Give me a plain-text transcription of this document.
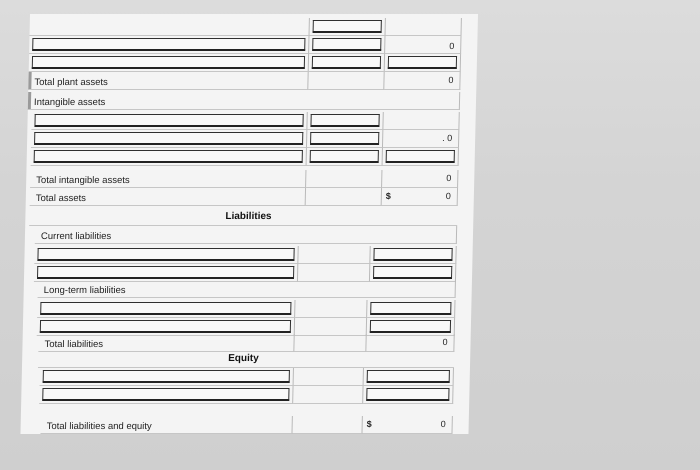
0
Total plant assets	0
Intangible assets
. 0
Total intangible assets	0
Total assets	$	0
Liabilities
Current liabilities
Long-term liabilities
Total liabilities	0
Equity
Total liabilities and equity	$	0
